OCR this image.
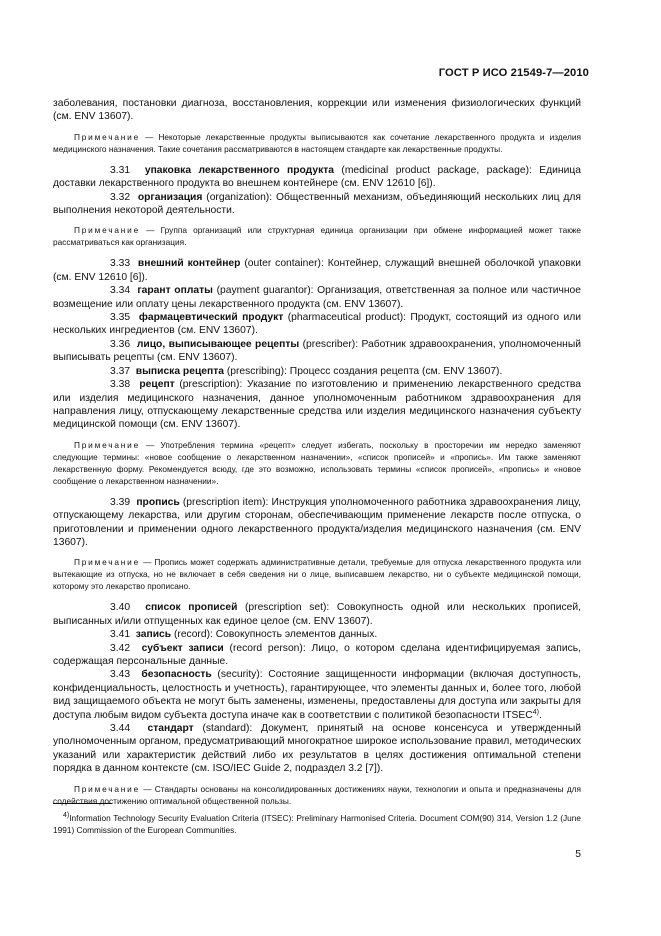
ГОСТ Р ИСО 21549-7—2010

заболевания, постановки диагноза, восстановления, коррекции или изменения физиологических функций (см. ENV 13607).

Примечание — Некоторые лекарственные продукты выписываются как сочетание лекарственного продукта и изделия медицинского назначения. Такие сочетания рассматриваются в настоящем стандарте как лекарственные продукты.

3.31 упаковка лекарственного продукта (medicinal product package, package): Единица доставки лекарственного продукта во внешнем контейнере (см. ENV 12610 [6]).

3.32 организация (organization): Общественный механизм, объединяющий нескольких лиц для выполнения некоторой деятельности.

Примечание — Группа организаций или структурная единица организации при обмене информацией может также рассматриваться как организация.

3.33 внешний контейнер (outer container): Контейнер, служащий внешней оболочкой упаковки (см. ENV 12610 [6]).

3.34 гарант оплаты (payment guarantor): Организация, ответственная за полное или частичное возмещение или оплату цены лекарственного продукта (см. ENV 13607).

3.35 фармацевтический продукт (pharmaceutical product): Продукт, состоящий из одного или нескольких ингредиентов (см. ENV 13607).

3.36 лицо, выписывающее рецепты (prescriber): Работник здравоохранения, уполномоченный выписывать рецепты (см. ENV 13607).

3.37 выписка рецепта (prescribing): Процесс создания рецепта (см. ENV 13607).

3.38 рецепт (prescription): Указание по изготовлению и применению лекарственного средства или изделия медицинского назначения, данное уполномоченным работником здравоохранения для направления лицу, отпускающему лекарственные средства или изделия медицинского назначения субъекту медицинской помощи (см. ENV 13607).

Примечание — Употребления термина «рецепт» следует избегать, поскольку в просторечии им нередко заменяют следующие термины: «новое сообщение о лекарственном назначении», «список прописей» и «пропись». Им также заменяют лекарственную форму. Рекомендуется всюду, где это возможно, использовать термины «список прописей», «пропись» и «новое сообщение о лекарственном назначении».

3.39 пропись (prescription item): Инструкция уполномоченного работника здравоохранения лицу, отпускающему лекарства, или другим сторонам, обеспечивающим применение лекарств после отпуска, о приготовлении и применении одного лекарственного продукта/изделия медицинского назначения (см. ENV 13607).

Примечание — Пропись может содержать административные детали, требуемые для отпуска лекарственного продукта или вытекающие из отпуска, но не включает в себя сведения ни о лице, выписавшем лекарство, ни о субъекте медицинской помощи, которому это лекарство прописано.

3.40 список прописей (prescription set): Совокупность одной или нескольких прописей, выписанных и/или отпущенных как единое целое (см. ENV 13607).

3.41 запись (record): Совокупность элементов данных.

3.42 субъект записи (record person): Лицо, о котором сделана идентифицируемая запись, содержащая персональные данные.

3.43 безопасность (security): Состояние защищенности информации (включая доступность, конфиденциальность, целостность и учетность), гарантирующее, что элементы данных и, более того, любой вид защищаемого объекта не могут быть заменены, изменены, предоставлены для доступа или закрыты для доступа любым видом субъекта доступа иначе как в соответствии с политикой безопасности ITSEC$^{4)}$.

3.44 стандарт (standard): Документ, принятый на основе консенсуса и утвержденный уполномоченным органом, предусматривающий многократное широкое использование правил, методических указаний или характеристик действий либо их результатов в целях достижения оптимальной степени порядка в данном контексте (см. ISO/IEC Guide 2, подраздел 3.2 [7]).

Примечание — Стандарты основаны на консолидированных достижениях науки, технологии и опыта и предназначены для содействия достижению оптимальной общественной пользы.

$^{4)}$Information Technology Security Evaluation Criteria (ITSEC): Preliminary Harmonised Criteria. Document COM(90) 314, Version 1.2 (June 1991) Commission of the European Communities.
5
